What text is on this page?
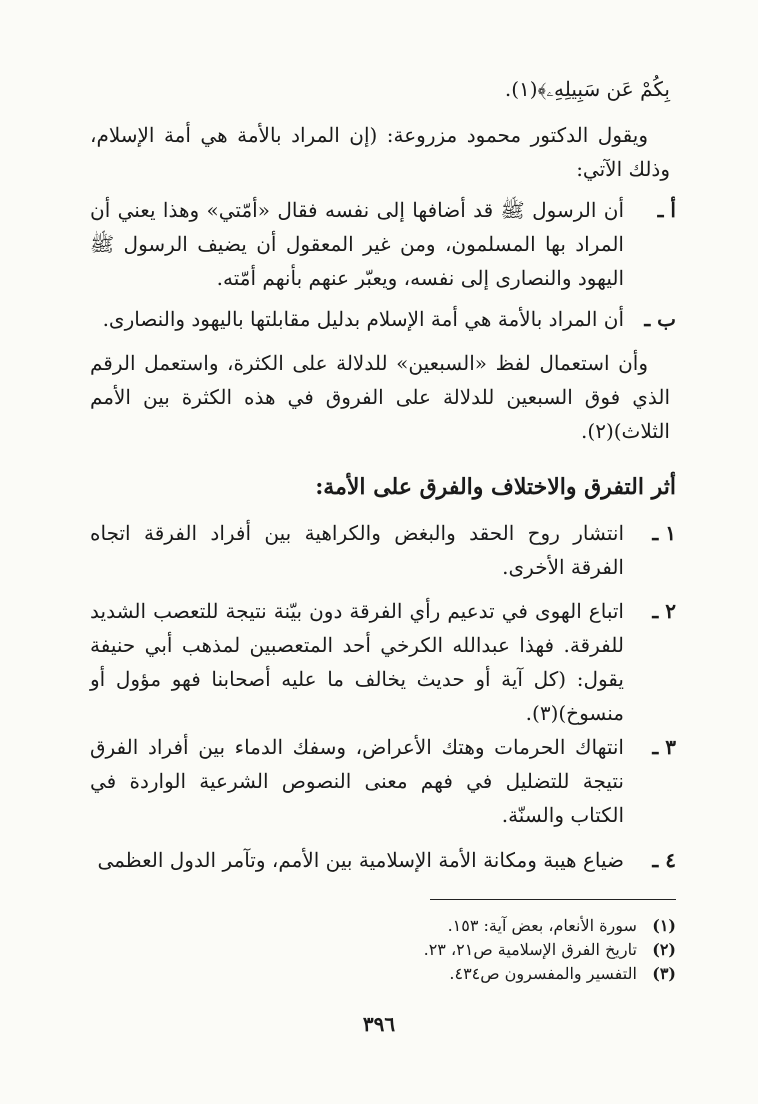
بِكُمْ عَن سَبِيلِهِۦ﴾(١).
ويقول الدكتور محمود مزروعة: (إن المراد بالأمة هي أمة الإسلام، وذلك الآتي:
أ ـ
أن الرسول ﷺ قد أضافها إلى نفسه فقال «أمّتي» وهذا يعني أن المراد بها المسلمون، ومن غير المعقول أن يضيف الرسول ﷺ اليهود والنصارى إلى نفسه، ويعبّر عنهم بأنهم أمّته.
ب ـ
أن المراد بالأمة هي أمة الإسلام بدليل مقابلتها باليهود والنصارى.
وأن استعمال لفظ «السبعين» للدلالة على الكثرة، واستعمل الرقم الذي فوق السبعين للدلالة على الفروق في هذه الكثرة بين الأمم الثلاث)(٢).
أثر التفرق والاختلاف والفرق على الأمة:
١ ـ
انتشار روح الحقد والبغض والكراهية بين أفراد الفرقة اتجاه الفرقة الأخرى.
٢ ـ
اتباع الهوى في تدعيم رأي الفرقة دون بيّنة نتيجة للتعصب الشديد للفرقة. فهذا عبدالله الكرخي أحد المتعصبين لمذهب أبي حنيفة يقول: (كل آية أو حديث يخالف ما عليه أصحابنا فهو مؤول أو منسوخ)(٣).
٣ ـ
انتهاك الحرمات وهتك الأعراض، وسفك الدماء بين أفراد الفرق نتيجة للتضليل في فهم معنى النصوص الشرعية الواردة في الكتاب والسنّة.
٤ ـ
ضياع هيبة ومكانة الأمة الإسلامية بين الأمم، وتآمر الدول العظمى
(١) سورة الأنعام، بعض آية: ١٥٣.
(٢) تاريخ الفرق الإسلامية ص٢١، ٢٣.
(٣) التفسير والمفسرون ص٤٣٤.
٣٩٦
